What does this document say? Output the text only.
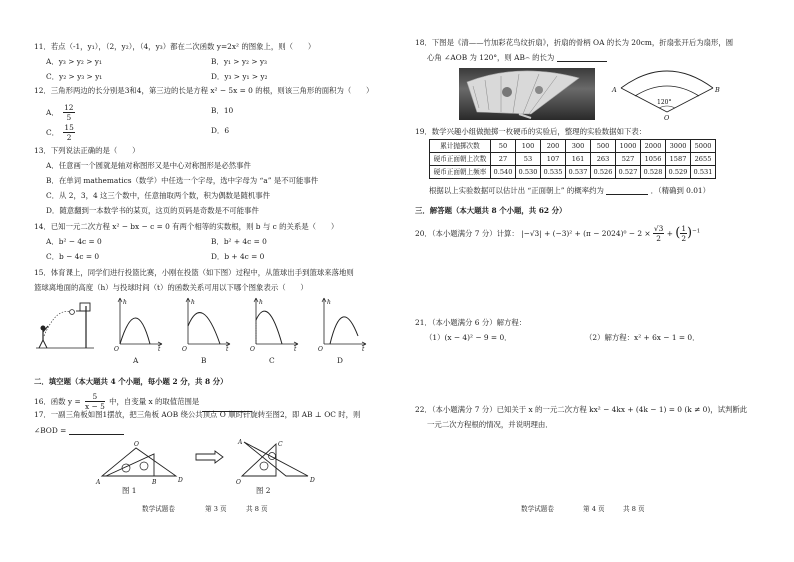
11．若点（-1，y₁），（2，y₂），（4，y₃）都在二次函数 y=2x² 的图象上，则（　　）
A．y₃ > y₂ > y₁	B．y₁ > y₂ > y₃
C．y₂ > y₃ > y₁	D．y₃ > y₁ > y₂
12．三角形两边的长分别是3和4，第三边的长是方程 x² − 5x = 0 的根，则该三角形的面积为（　　）
A． $\frac{12}{5}$	B．10
C． $\frac{15}{2}$	D．6
13．下列说法正确的是（　　）
A．任意画一个圆就是轴对称图形又是中心对称图形是必然事件
B．在单词 mathematics（数学）中任选一个字母，选中字母为 “a” 是不可能事件
C．从 2，3，4 这三个数中，任意抽取两个数，积为偶数是随机事件
D．随意翻到一本数学书的某页，这页的页码是奇数是不可能事件
14．已知一元二次方程 x² − bx − c = 0 有两个相等的实数根，则 b 与 c 的关系是（　　）
A．b² − 4c = 0	B．b² + 4c = 0
C．b − 4c = 0	D．b + 4c = 0
15．体育课上，同学们进行投篮比赛，小刚在投篮（如下图）过程中，从篮球出手到篮球来落地则
篮球离地面的高度（h）与投球时间（t）的函数关系可用以下哪个图象表示（　　）
h
t
O
A
h
t
O
B
h
t
O
C
h
t
O
D
二．填空题（本大题共 4 个小题，每小题 2 分，共 8 分）
16．函数 $y = \frac{5}{x - 5}$ 中，自变量 x 的取值范围是
17．一副三角板如图1摆放，把三角板 AOB 绕公共顶点 O 顺时针旋转至图2，即 AB ⊥ OC 时，则
∠BOD =
A
O
B	D
图 1
A	C
O	D
图 2
数学试题卷	第 3 页	共 8 页
18．下图是《清——竹加彩花鸟纹折扇》，折扇的骨柄 OA 的长为 20cm，折扇张开后为扇形，圆
心角 ∠AOB 为 120°，则 AB⌢ 的长为
A	B
O
120°
19．数学兴趣小组做抛掷一枚硬币的实验后，整理的实验数据如下表：
累计抛掷次数	50	100	200	300	500	1000	2000	3000	5000
硬币正面朝上次数	27	53	107	161	263	527	1056	1587	2655
硬币正面朝上频率	0.540	0.530	0.535	0.537	0.526	0.527	0.528	0.529	0.531
根据以上实验数据可以估计出 “正面朝上” 的概率约为	．（精确到 0.01）
三．解答题（本大题共 8 个小题，共 62 分）
20．（本小题满分 7 分）计算： $|-√3| + (-3)^2 + (\pi - 2024)^0 - 2 \times \frac{√3}{2}$ + ( $\frac{1}{2} )^{-1}$
21．（本小题满分 6 分）解方程：
（1）(x − 4)² − 9 = 0．	（2）解方程：x² + 6x − 1 = 0．
22．（本小题满分 7 分）已知关于 x 的一元二次方程 kx² − 4kx + (4k − 1) = 0 (k ≠ 0)，试判断此
一元二次方程根的情况，并说明理由．
数学试题卷	第 4 页	共 8 页
